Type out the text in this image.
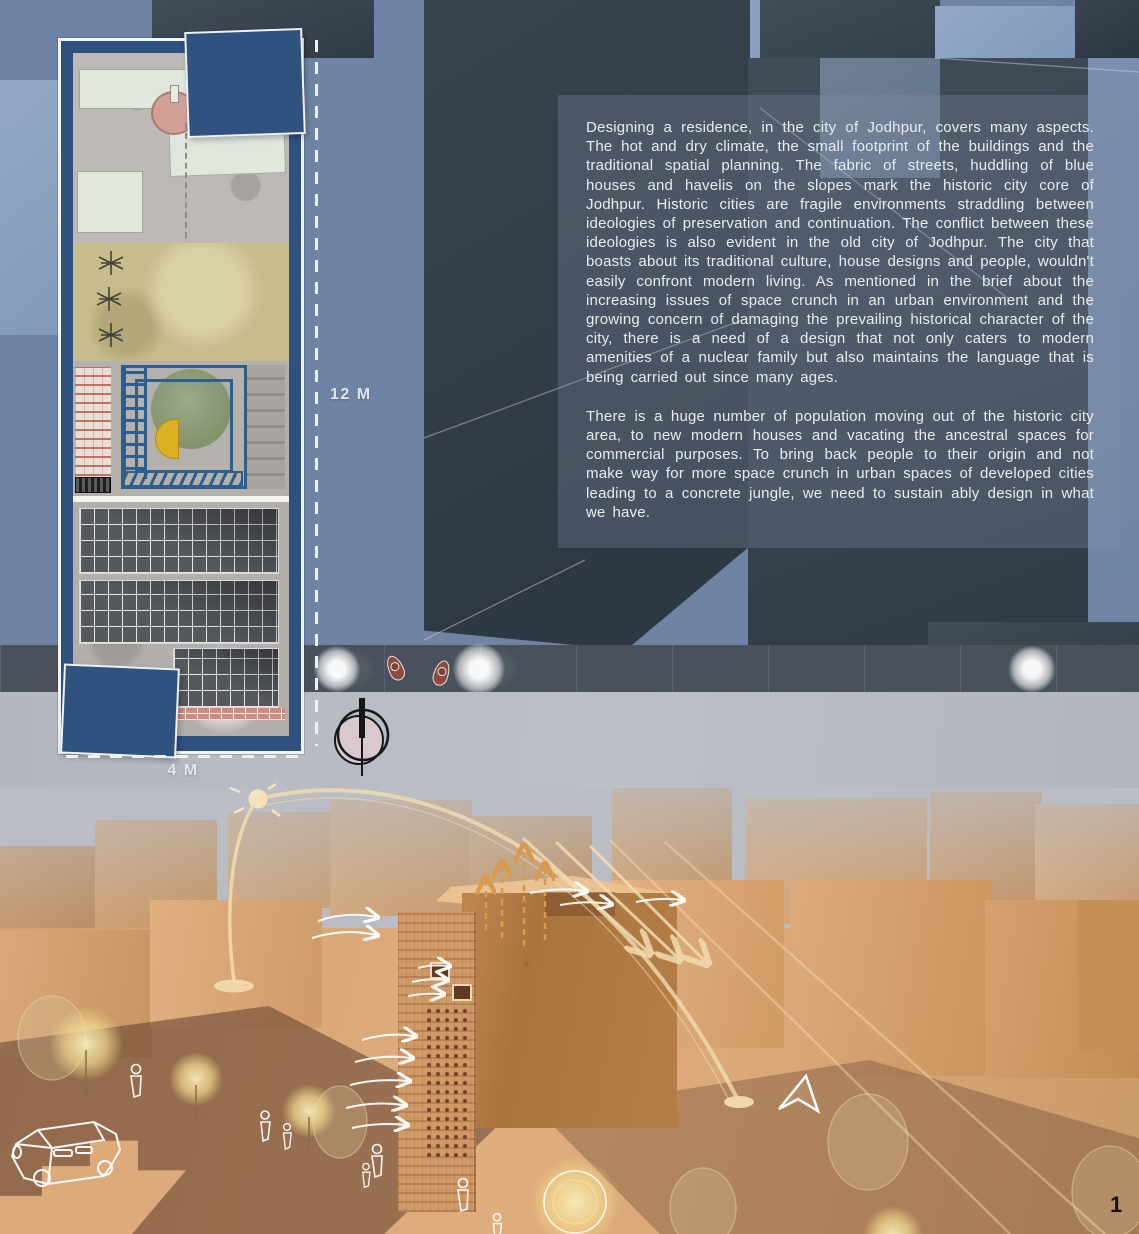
12 M
4 M

Designing a residence, in the city of Jodhpur, covers many aspects. The hot and dry climate, the small footprint of the buildings and the traditional spatial planning. The fabric of streets, huddling of blue houses and havelis on the slopes mark the historic city core of Jodhpur. Historic cities are fragile environments straddling between ideologies of preservation and continuation. The conflict between these ideologies is also evident in the old city of Jodhpur. The city that boasts about its traditional culture, house designs and people, wouldn't easily confront modern living. As mentioned in the brief about the increasing issues of space crunch in an urban environment and the growing concern of damaging the prevailing historical character of the city, there is a need of a design that not only caters to modern amenities of a nuclear family but also maintains the language that is being carried out since many ages.

There is a huge number of population moving out of the historic city area, to new modern houses and vacating the ancestral spaces for commercial purposes. To bring back people to their origin and not make way for more space crunch in urban spaces of developed cities leading to a concrete jungle, we need to sustain ably design in what we have.

1
